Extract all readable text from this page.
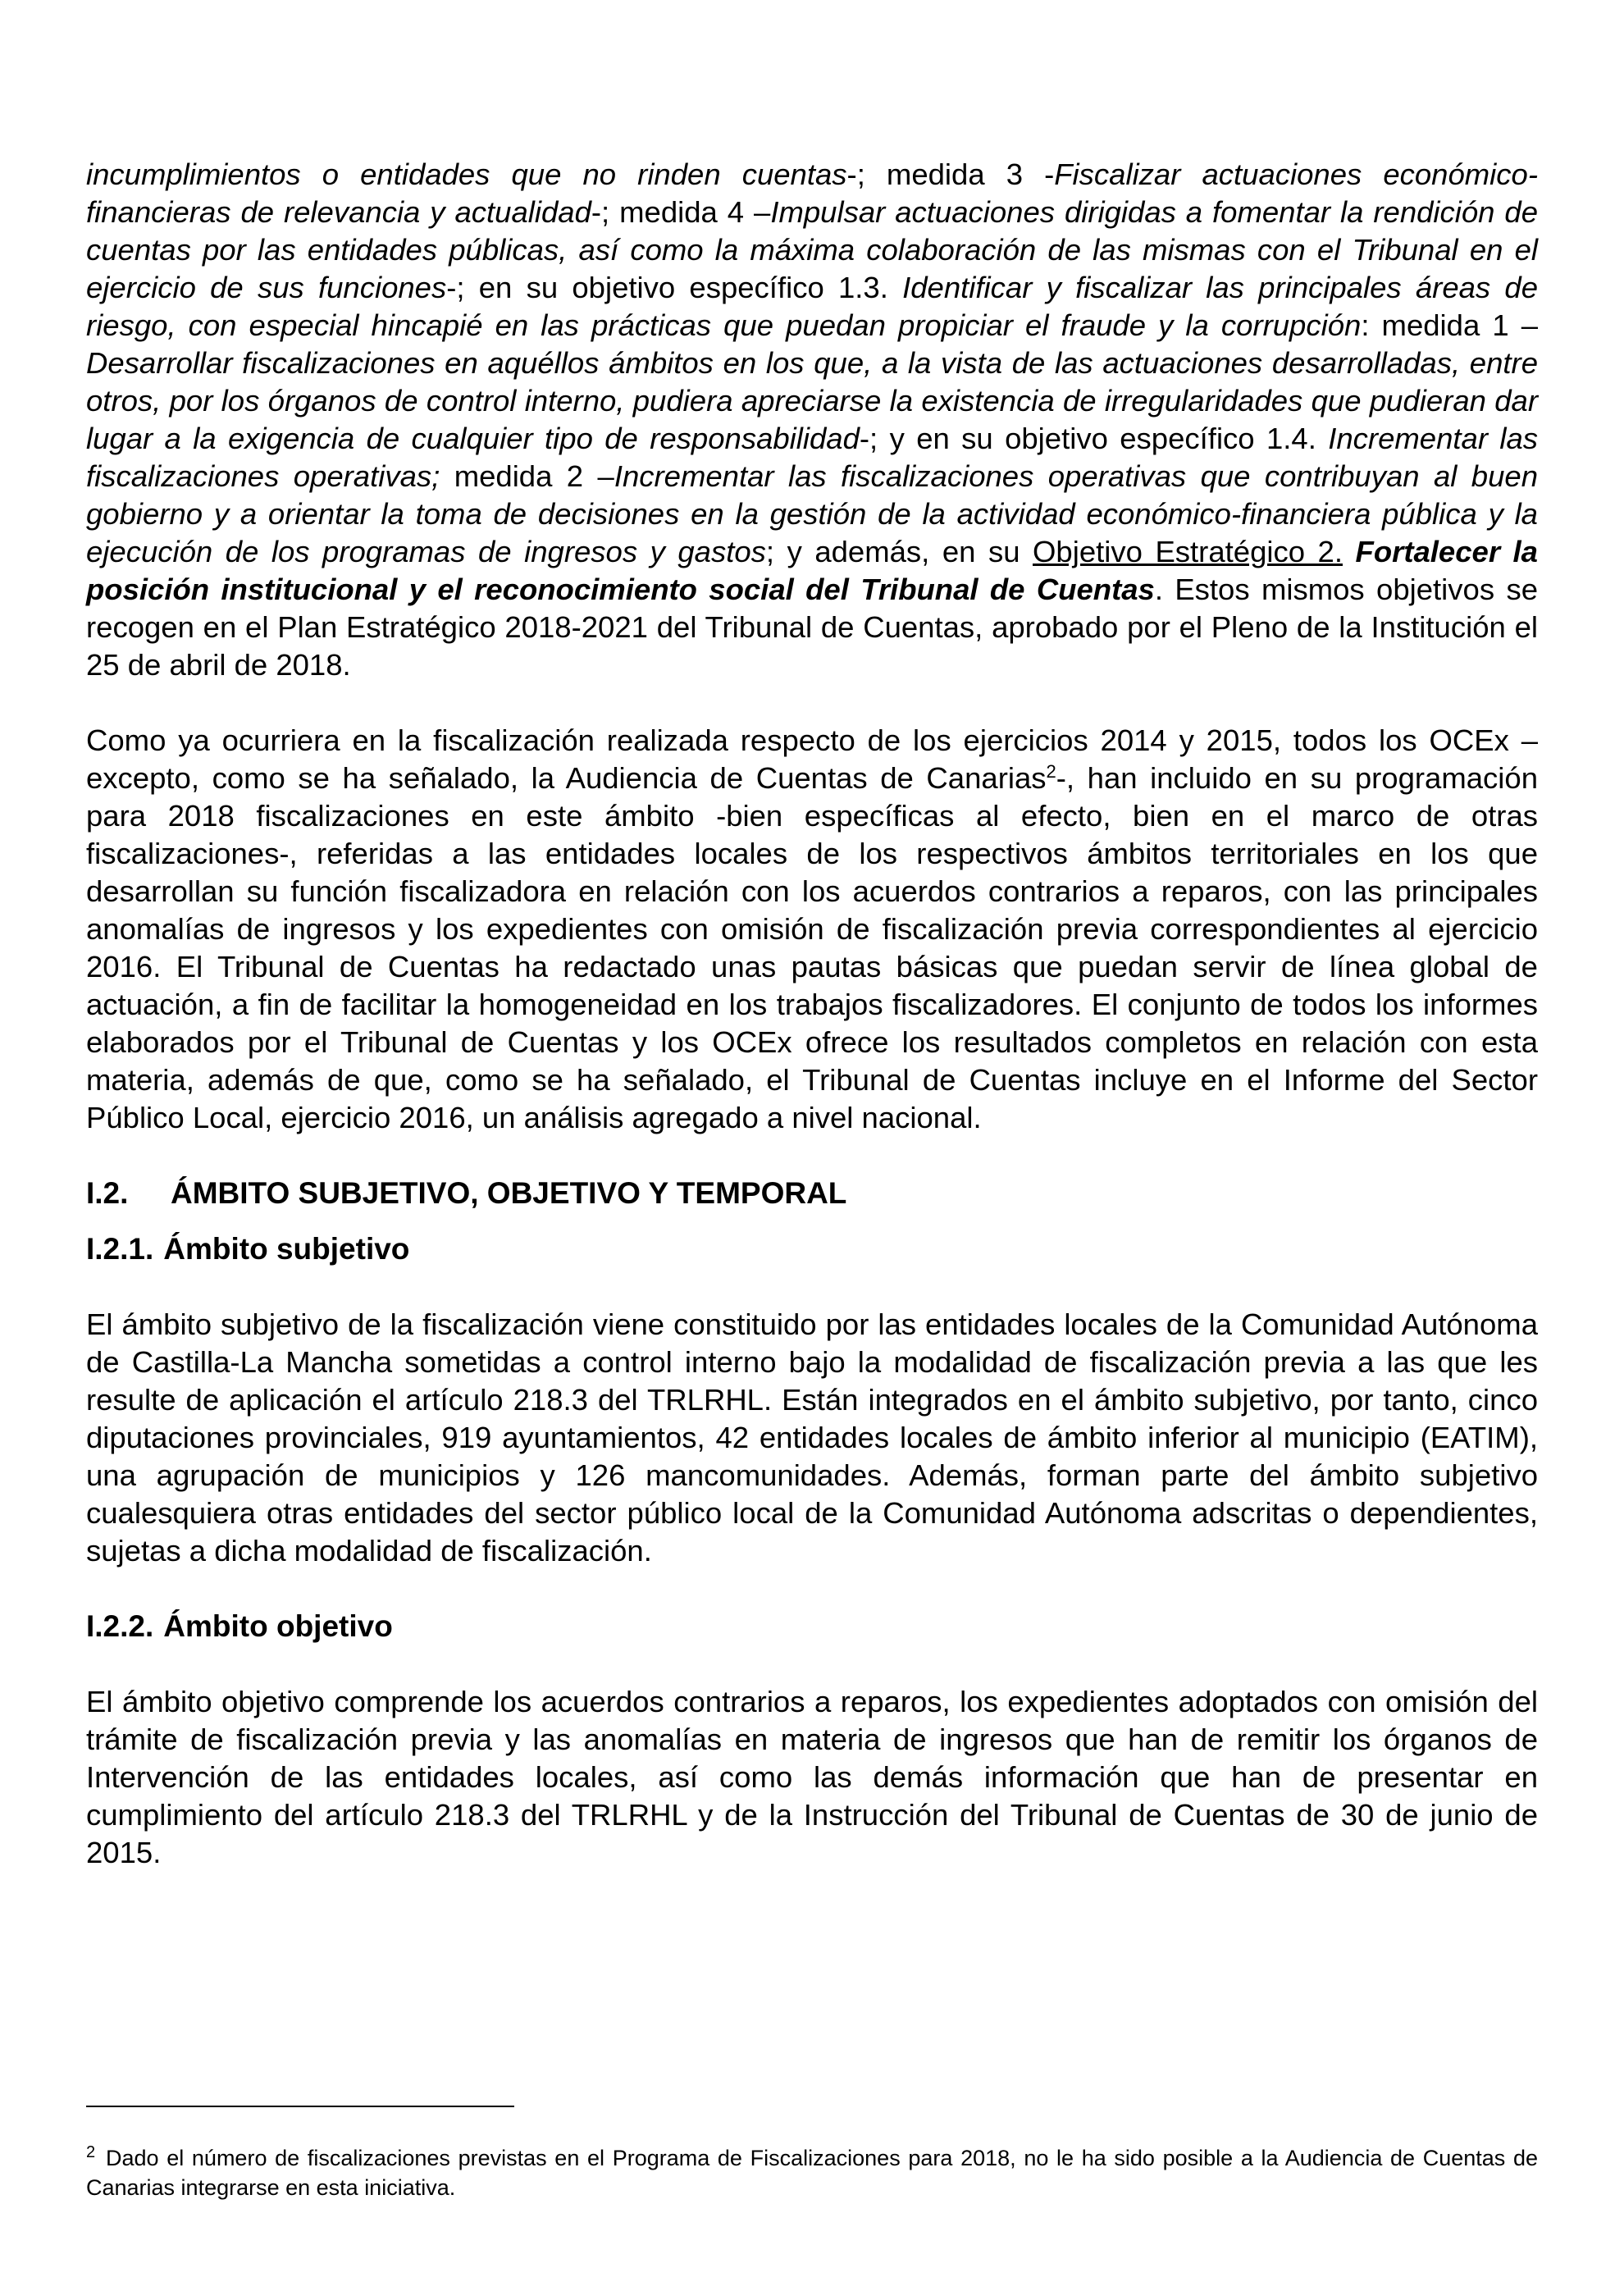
incumplimientos o entidades que no rinden cuentas-; medida 3 -Fiscalizar actuaciones económico-financieras de relevancia y actualidad-; medida 4 –Impulsar actuaciones dirigidas a fomentar la rendición de cuentas por las entidades públicas, así como la máxima colaboración de las mismas con el Tribunal en el ejercicio de sus funciones-; en su objetivo específico 1.3. Identificar y fiscalizar las principales áreas de riesgo, con especial hincapié en las prácticas que puedan propiciar el fraude y la corrupción: medida 1 –Desarrollar fiscalizaciones en aquéllos ámbitos en los que, a la vista de las actuaciones desarrolladas, entre otros, por los órganos de control interno, pudiera apreciarse la existencia de irregularidades que pudieran dar lugar a la exigencia de cualquier tipo de responsabilidad-; y en su objetivo específico 1.4. Incrementar las fiscalizaciones operativas; medida 2 –Incrementar las fiscalizaciones operativas que contribuyan al buen gobierno y a orientar la toma de decisiones en la gestión de la actividad económico-financiera pública y la ejecución de los programas de ingresos y gastos; y además, en su Objetivo Estratégico 2. Fortalecer la posición institucional y el reconocimiento social del Tribunal de Cuentas. Estos mismos objetivos se recogen en el Plan Estratégico 2018-2021 del Tribunal de Cuentas, aprobado por el Pleno de la Institución el 25 de abril de 2018.

Como ya ocurriera en la fiscalización realizada respecto de los ejercicios 2014 y 2015, todos los OCEx –excepto, como se ha señalado, la Audiencia de Cuentas de Canarias$^2$-, han incluido en su programación para 2018 fiscalizaciones en este ámbito -bien específicas al efecto, bien en el marco de otras fiscalizaciones-, referidas a las entidades locales de los respectivos ámbitos territoriales en los que desarrollan su función fiscalizadora en relación con los acuerdos contrarios a reparos, con las principales anomalías de ingresos y los expedientes con omisión de fiscalización previa correspondientes al ejercicio 2016. El Tribunal de Cuentas ha redactado unas pautas básicas que puedan servir de línea global de actuación, a fin de facilitar la homogeneidad en los trabajos fiscalizadores. El conjunto de todos los informes elaborados por el Tribunal de Cuentas y los OCEx ofrece los resultados completos en relación con esta materia, además de que, como se ha señalado, el Tribunal de Cuentas incluye en el Informe del Sector Público Local, ejercicio 2016, un análisis agregado a nivel nacional.

I.2. ÁMBITO SUBJETIVO, OBJETIVO Y TEMPORAL
I.2.1. Ámbito subjetivo

El ámbito subjetivo de la fiscalización viene constituido por las entidades locales de la Comunidad Autónoma de Castilla-La Mancha sometidas a control interno bajo la modalidad de fiscalización previa a las que les resulte de aplicación el artículo 218.3 del TRLRHL. Están integrados en el ámbito subjetivo, por tanto, cinco diputaciones provinciales, 919 ayuntamientos, 42 entidades locales de ámbito inferior al municipio (EATIM), una agrupación de municipios y 126 mancomunidades. Además, forman parte del ámbito subjetivo cualesquiera otras entidades del sector público local de la Comunidad Autónoma adscritas o dependientes, sujetas a dicha modalidad de fiscalización.

I.2.2. Ámbito objetivo

El ámbito objetivo comprende los acuerdos contrarios a reparos, los expedientes adoptados con omisión del trámite de fiscalización previa y las anomalías en materia de ingresos que han de remitir los órganos de Intervención de las entidades locales, así como las demás información que han de presentar en cumplimiento del artículo 218.3 del TRLRHL y de la Instrucción del Tribunal de Cuentas de 30 de junio de 2015.

2 Dado el número de fiscalizaciones previstas en el Programa de Fiscalizaciones para 2018, no le ha sido posible a la Audiencia de Cuentas de Canarias integrarse en esta iniciativa.
